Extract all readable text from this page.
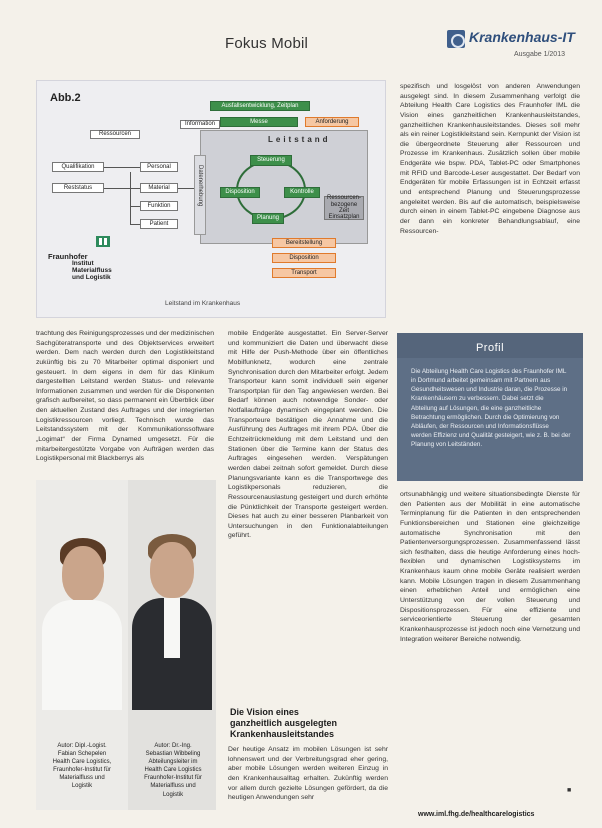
Fokus Mobil	Krankenhaus-IT
Ausgabe 1/2013
Abb.2
Ausfallsentwicklung, Zeitplan
Information	Messe	Anforderung
Ressourcen
Qualifikation	Personal
Reststatus	Material
Funktion
Patient
Leitstand
Datenerhebung
Steuerung
Disposition	Kontrolle
Planung
Ressourcen-
bezogene Zeit
Einsatzplan
Bereitstellung
Disposition
Transport
Fraunhofer
Institut
Materialfluss
und Logistik
Leitstand im Krankenhaus
spezifisch und losgelöst von anderen Anwendungen ausgelegt sind. In diesem Zusammenhang verfolgt die Abteilung Health Care Logistics des Fraunhofer IML die Vision eines ganzheitlichen Krankenhausleitstandes, ganzheitlichen Krankenhausleitstandes. Dieses soll mehr als ein reiner Logistikleitstand sein. Kernpunkt der Vision ist die übergeordnete Steuerung aller Ressourcen und Prozesse im Krankenhaus. Zusätzlich sollen über mobile Endgeräte wie bspw. PDA, Tablet-PC oder Smartphones mit RFID und Barcode-Leser ausgestattet. Der Bedarf von Endgeräten für mobile Erfassungen ist in Echtzeit erfasst und entsprechend Planung und Steuerungsprozesse angeleitet werden. Bis auf die automatisch, beispielsweise durch einen in einem Tablet-PC eingebene Diagnose aus der dann ein konkreter Behandlungsablauf, eine Ressourcen-
Profil
Die Abteilung Health Care Logistics des Fraunhofer IML in Dortmund arbeitet gemeinsam mit Partnern aus Gesundheitswesen und Industrie daran, die Prozesse in Krankenhäusern zu verbessern. Dabei setzt die Abteilung auf Lösungen, die eine ganzheitliche Betrachtung ermöglichen. Durch die Optimierung von Abläufen, der Ressourcen und Informationsflüsse werden Effizienz und Qualität gesteigert, wie z. B. bei der Planung von Leitständen.
trachtung des Reinigungsprozesses und der medizinischen Sachgüteratransporte und des Objektservices erweitert werden. Dem nach werden durch den Logistikleitstand zukünftig bis zu 70 Mitarbeiter optimal disponiert und gesteuert. In dem eigens in dem für das Klinikum dargestellten Leitstand werden Status- und relevante Informationen zusammen und werden für die Disponenten grafisch aufbereitet, so dass permanent ein Überblick über den aktuellen Zustand des Auftrages und der integrierten Logistikressourcen vorliegt. Technisch wurde das Leitstandssystem mit der Kommunikationssoftware „Logimat“ der Firma Dynamed umgesetzt. Für die mitarbeitergestützte Vorgabe von Aufträgen werden das Logistikpersonal mit Blackberrys als
mobile Endgeräte ausgestattet. Ein Server-Server und kommuniziert die Daten und überwacht diese mit Hilfe der Push-Methode über ein öffentliches Mobilfunknetz, wodurch eine zentrale Synchronisation durch den Mitarbeiter erfolgt. Jedem Transporteur kann somit individuell sein eigener Transportplan für den Tag angewiesen werden. Bei Bedarf können auch notwendige Sonder- oder Notfallaufträge dynamisch eingeplant werden. Die Transporteure bestätigen die Annahme und die Ausführung des Auftrages mit ihrem PDA. Über die Echtzeitrückmeldung mit dem Leitstand und den Stationen über die Termine kann der Status des Auftrages eingesehen werden. Verspätungen werden dabei zeitnah sofort gemeldet. Durch diese Planungsvariante kann es die Transportwege des Logistikpersonals reduzieren, die Ressourcenauslastung gesteigert und durch erhöhte die Pünktlichkeit der Transporte gesteigert werden. Dieses hat auch zu einer besseren Planbarkeit von Untersuchungen in den Funktionalabteilungen geführt.
Die Vision eines
ganzheitlich ausgelegten
Krankenhausleitstandes
Der heutige Ansatz im mobilen Lösungen ist sehr lohnenswert und der Verbreitungsgrad eher gering, aber mobile Lösungen werden weiteren Einzug in den Krankenhausalltag erhalten. Zukünftig werden vor allem durch gezielte Lösungen gefördert, da die heutigen Anwendungen sehr
ortsunabhängig und weitere situationsbedingte Dienste für den Patienten aus der Mobilität in eine automatische Terminplanung für die Patienten in den entsprechenden Funktionsbereichen und Stationen eine gleichzeitige automatische Synchronisation mit den Patientenversorgungsprozessen. Zusammenfassend lässt sich festhalten, dass die heutige Anforderung eines hoch-flexiblen und dynamischen Logistiksystems im Krankenhaus kaum ohne mobile Geräte realisiert werden kann. Mobile Lösungen tragen in diesem Zusammenhang einen erheblichen Anteil und ermöglichen eine Unterstützung von der vollen Steuerung und Dispositionsprozessen. Für eine effiziente und serviceorientierte Steuerung der gesamten Krankenhausprozesse ist jedoch noch eine Vernetzung und Integration weiterer Bereiche notwendig.
■
Autor: Dipl.-Logist.
Fabian Schepelen
Health Care Logistics,
Fraunhofer-Institut für
Materialfluss und
Logistik
Autor: Dr.-Ing.
Sebastian Wibbeling
Abteilungsleiter im
Health Care Logistics
Fraunhofer-Institut für
Materialfluss und
Logistik
www.iml.fhg.de/healthcarelogistics
